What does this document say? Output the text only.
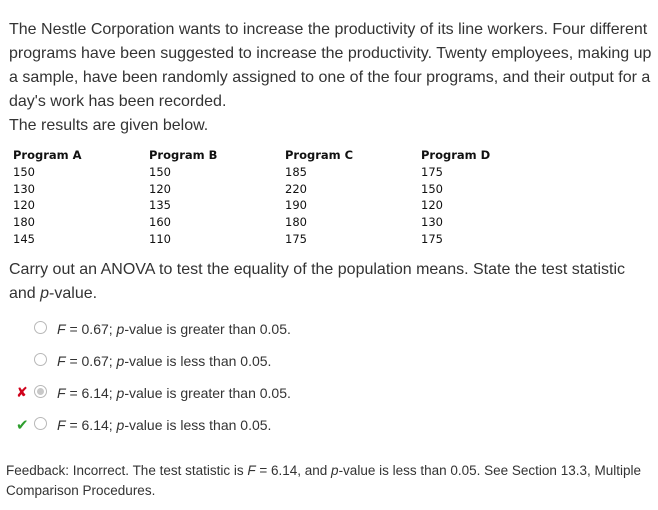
The Nestle Corporation wants to increase the productivity of its line workers. Four different programs have been suggested to increase the productivity. Twenty employees, making up a sample, have been randomly assigned to one of the four programs, and their output for a day's work has been recorded.

The results are given below.

Program A	Program B	Program C	Program D
150	150	185	175
130	120	220	150
120	135	190	120
180	160	180	130
145	110	175	175

Carry out an ANOVA to test the equality of the population means. State the test statistic and p-value.

F = 0.67; p-value is greater than 0.05.
F = 0.67; p-value is less than 0.05.
✘ F = 6.14; p-value is greater than 0.05.
✔ F = 6.14; p-value is less than 0.05.

Feedback: Incorrect. The test statistic is F = 6.14, and p-value is less than 0.05. See Section 13.3, Multiple Comparison Procedures.
